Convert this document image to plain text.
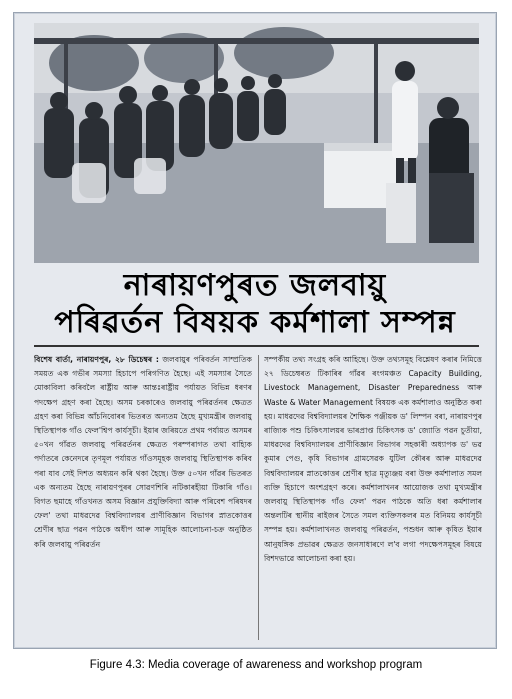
নাৰায়ণপুৰত জলবায়ু
পৰিৱৰ্তন বিষয়ক কৰ্মশালা সম্পন্ন
বিশেষ বাৰ্তা, নাৰায়ণপুৰ, ২৮ ডিচেম্বৰ : জলবায়ুৰ পৰিবৰ্তন সাম্প্ৰতিক সময়ত এক গভীৰ সমস্যা হিচাপে পৰিগণিত হৈছে। এই সমস্যাৰ সৈতে মোকাবিলা কৰিবলৈ ৰাষ্ট্ৰীয় আৰু আন্তঃৰাষ্ট্ৰীয় পৰ্যায়ত বিভিন্ন ধৰণৰ পদক্ষেপ গ্ৰহণ কৰা হৈছে। অসম চৰকাৰেও জলবায়ু পৰিৱৰ্তনৰ ক্ষেত্ৰত গ্ৰহণ কৰা বিভিন্ন আঁচনিবোৰৰ ভিতৰত অন্যতম হৈছে মুখ্যমন্ত্ৰীৰ জলবায়ু স্থিতিস্থাপক গাঁও ফেল'শ্বিপ কাৰ্যসূচী। ইয়াৰ জৰিয়তে প্ৰথম পৰ্যায়ত অসমৰ ৫০খন গাঁৱত জলবায়ু পৰিৱৰ্তনৰ ক্ষেত্ৰত পৰম্পৰাগত তথা বাহ্যিক পৰ্দাতৰে কেনেদৰে তৃণমূল পৰ্যায়ত গাঁওসমূহক জলবায়ু স্থিতিস্থাপক কৰিব পৰা যাব সেই দিশত অধ্যয়ন কৰি থকা হৈছে। উক্ত ৫০খন গাঁৱৰ ভিতৰত এক অন্যতম হৈছে নাৰায়ণপুৰৰ সোৱণশিৰি নটিকাৰহীয়া টিকাৰি গাঁও। বিগত ছমাহে গাঁওখনত অসম বিজ্ঞান প্ৰযুক্তিবিদ্যা আৰু পৰিবেশ পৰিষদৰ ফেল' তথা মাধৱদেৱ বিশ্ববিদ্যালয়ৰ প্ৰাণীবিজ্ঞান বিভাগৰ স্নাতকোত্তৰ শ্ৰেণীৰ ছাত্ৰ পৱন পাঠকে অধীপ আৰু সামূহিক আলোচনা-চক্ৰ অনুষ্ঠিত কৰি জলবায়ু পৰিৱৰ্তন
সম্পৰ্কীয় তথ্য সংগ্ৰহ কৰি আহিছে। উক্ত তথ্যসমূহ বিশ্লেষণ কৰাৰ নিমিত্তে ২৭ ডিচেম্বৰত টিকাৰিৰ গাঁৱৰ ৰংগমঞ্চত Capacity Building, Livestock Management, Disaster Preparedness আৰু Waste & Water Management বিষয়ক এক কৰ্মশালাও অনুষ্ঠিত কৰা হয়। মাধৱদেৱ বিশ্ববিদ্যালয়ৰ শৈক্ষিক পঞ্জীয়ক ড' লিম্পন বৰা, নাৰায়ণপুৰ ৰাজ্যিক পশু চিকিৎসালয়ৰ ভাৰপ্ৰাপ্ত চিকিৎসক ড' জ্যোতি পৱন চুতীয়া, মাধৱদেৱ বিশ্ববিদ্যালয়ৰ প্ৰাণীবিজ্ঞান বিভাগৰ সহকাৰী অধ্যাপক ড' ভৱ কুমাৰ পেগু, কৃষি বিভাগৰ গ্ৰামসেৱক যুটিল কৌৰৰ আৰু মাধৱদেৱ বিশ্ববিদ্যালয়ৰ স্নাতকোত্তৰ শ্ৰেণীৰ ছাত্ৰ মৃত্যুঞ্জয় বৰা উক্ত কৰ্মশালাত সমল ব্যক্তি হিচাপে অংশগ্ৰহণ কৰে। কৰ্মশালাখনৰ আয়োজক তথা মুখ্যমন্ত্ৰীৰ জলবায়ু স্থিতিস্থাপক গাঁও ফেল' পৱন পাঠকে অতি ধৰা কৰ্মশালাৰ অন্তলটিৰ স্থানীয় ৰাইজৰ সৈতে সমল ব্যক্তিসকলৰ মত বিনিময় কাৰ্যসূচী সম্পন্ন হয়। কৰ্মশালাখনত জলবায়ু পৰিৱৰ্তন, পশুধন আৰু কৃষিত ইয়াৰ আনুষঙ্গিক প্ৰভাৱৰ ক্ষেত্ৰত জনসাধাৰণে ল'ব লগা পদক্ষেপসমূহৰ বিষয়ে বিশদভাৱে আলোচনা কৰা হয়।
Figure 4.3: Media coverage of awareness and workshop program
